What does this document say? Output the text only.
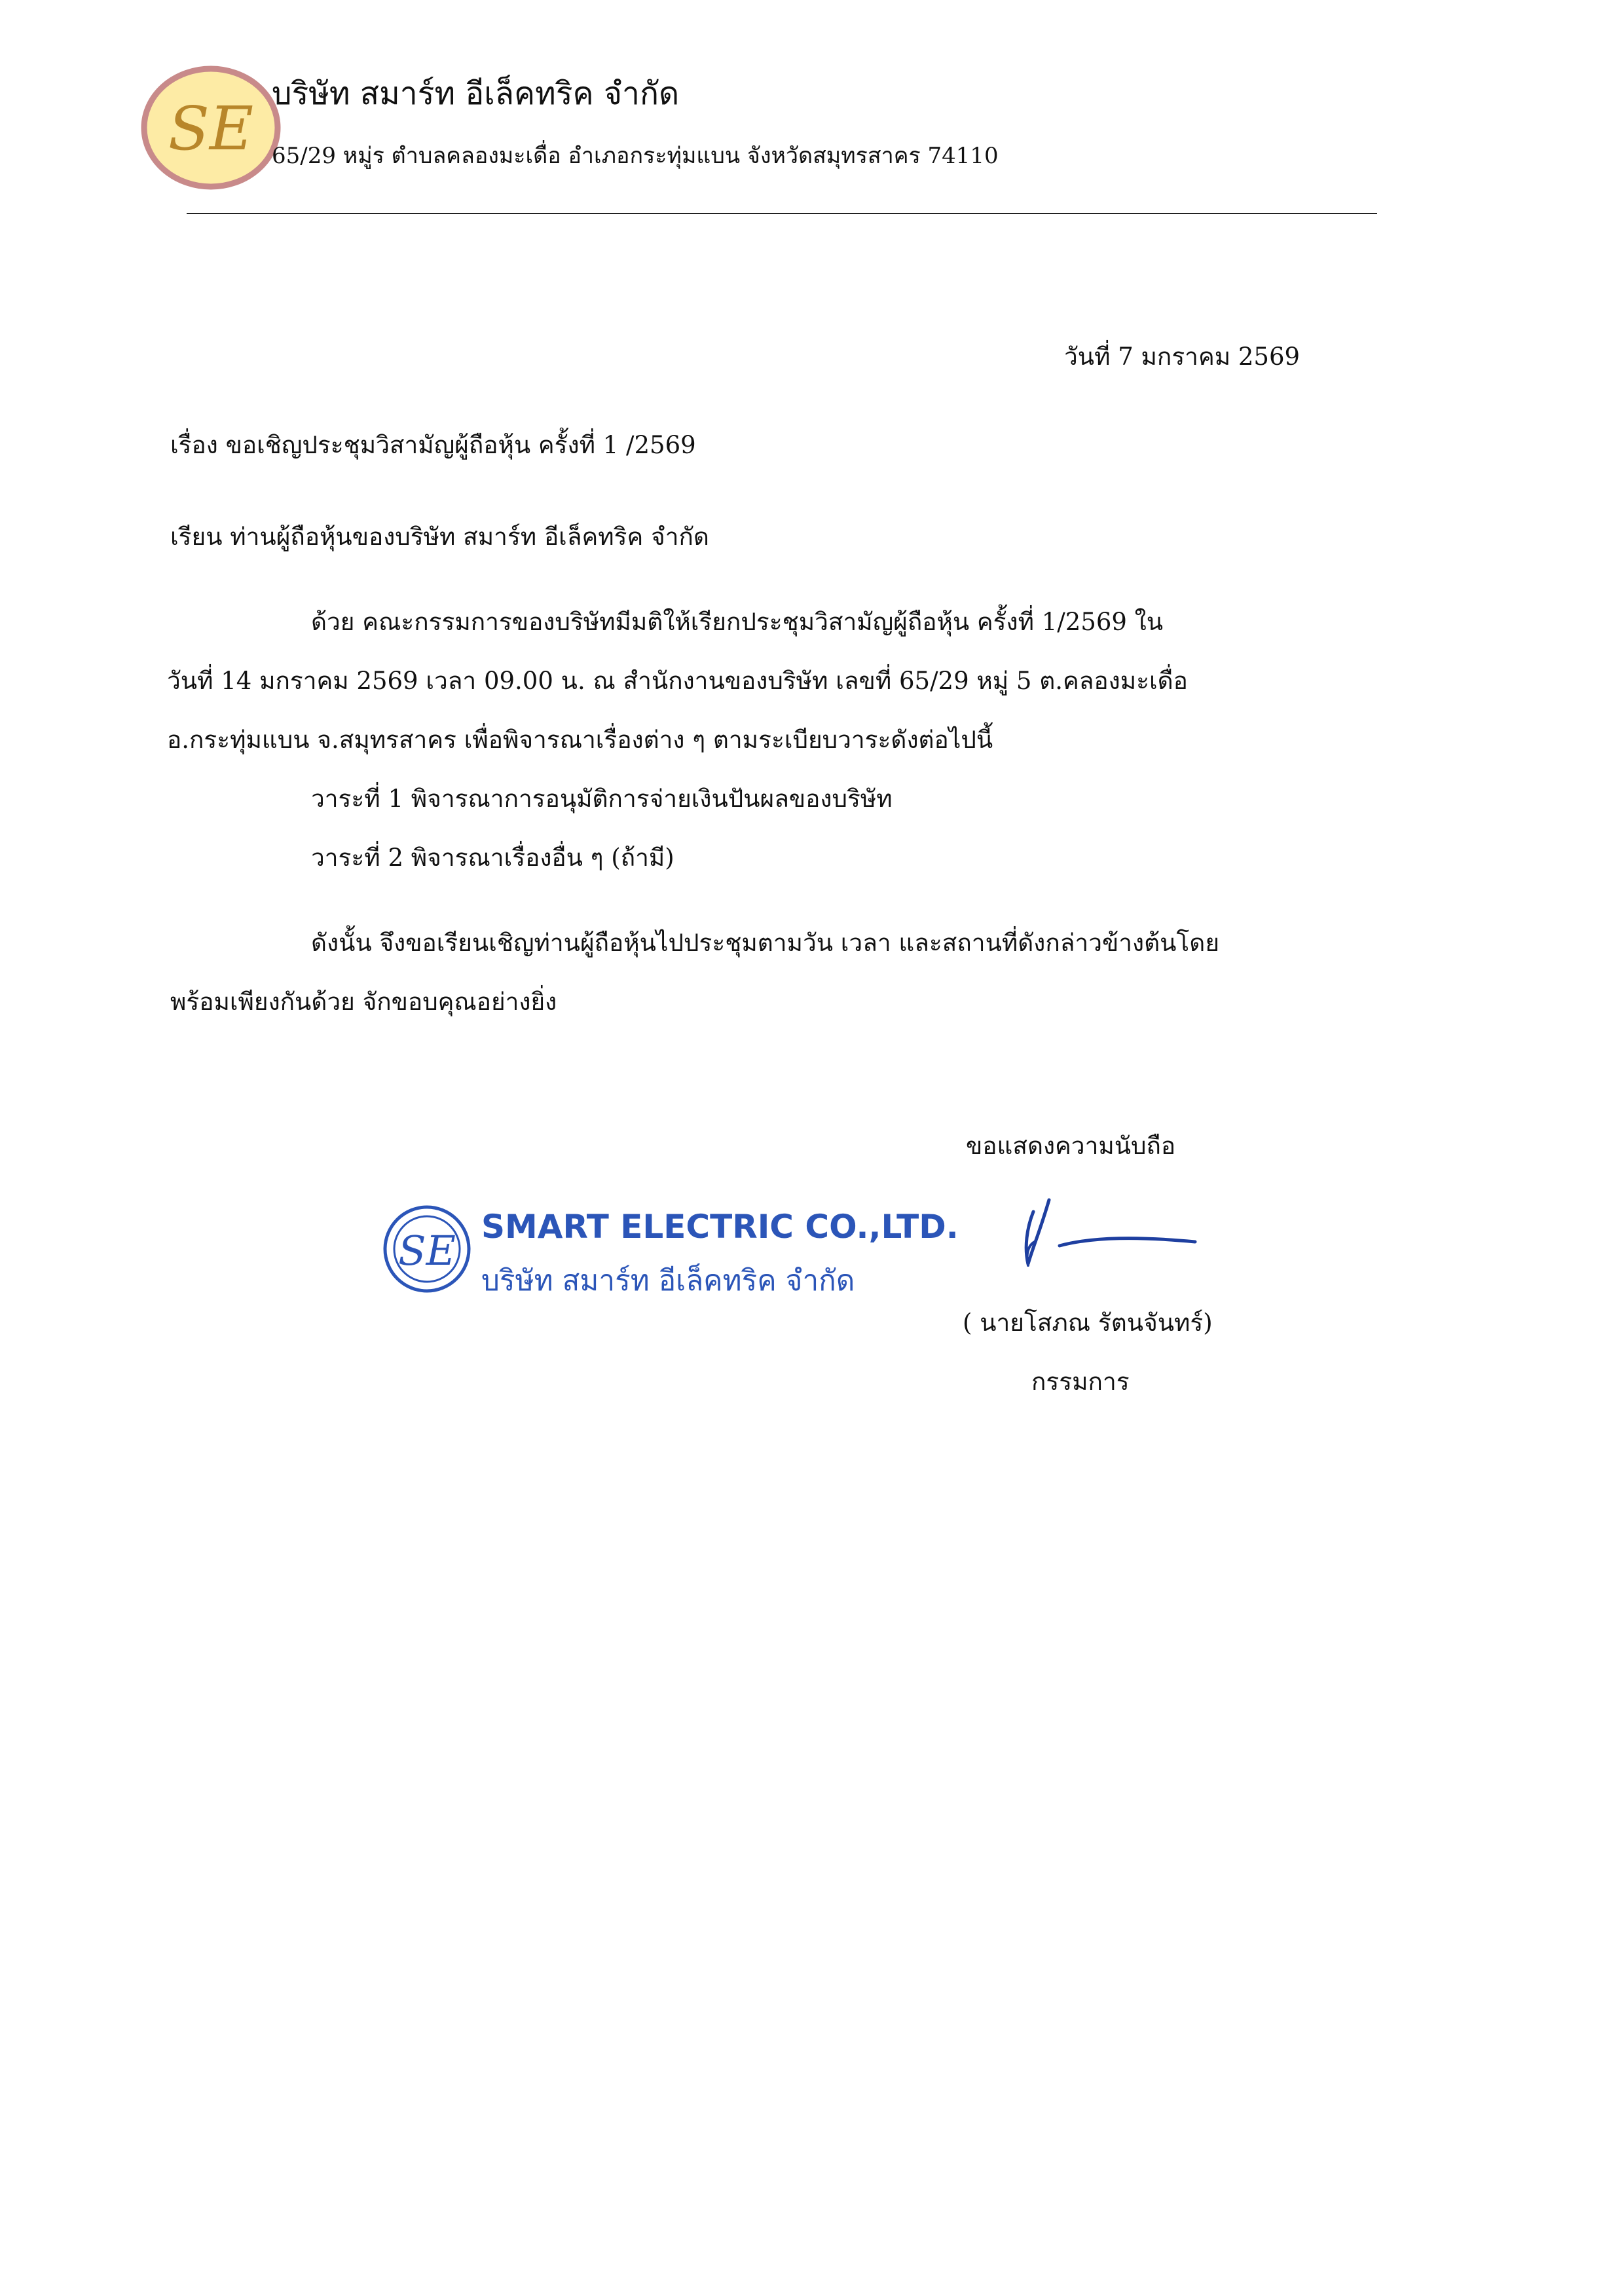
SE บริษัท สมาร์ท อีเล็คทริค จำกัด
65/29 หมู่ร ตำบลคลองมะเดื่อ อำเภอกระทุ่มแบน จังหวัดสมุทรสาคร 74110
วันที่ 7 มกราคม 2569
เรื่อง ขอเชิญประชุมวิสามัญผู้ถือหุ้น ครั้งที่ 1 /2569
เรียน ท่านผู้ถือหุ้นของบริษัท สมาร์ท อีเล็คทริค จำกัด
ด้วย คณะกรรมการของบริษัทมีมติให้เรียกประชุมวิสามัญผู้ถือหุ้น ครั้งที่ 1/2569 ใน
วันที่ 14 มกราคม 2569 เวลา 09.00 น. ณ สำนักงานของบริษัท เลขที่ 65/29 หมู่ 5 ต.คลองมะเดื่อ
อ.กระทุ่มแบน จ.สมุทรสาคร เพื่อพิจารณาเรื่องต่าง ๆ ตามระเบียบวาระดังต่อไปนี้
วาระที่ 1 พิจารณาการอนุมัติการจ่ายเงินปันผลของบริษัท
วาระที่ 2 พิจารณาเรื่องอื่น ๆ (ถ้ามี)
ดังนั้น จึงขอเรียนเชิญท่านผู้ถือหุ้นไปประชุมตามวัน เวลา และสถานที่ดังกล่าวข้างต้นโดย
พร้อมเพียงกันด้วย จักขอบคุณอย่างยิ่ง
ขอแสดงความนับถือ
SE SMART ELECTRIC CO.,LTD.
บริษัท สมาร์ท อีเล็คทริค จำกัด
( นายโสภณ รัตนจันทร์)
กรรมการ
